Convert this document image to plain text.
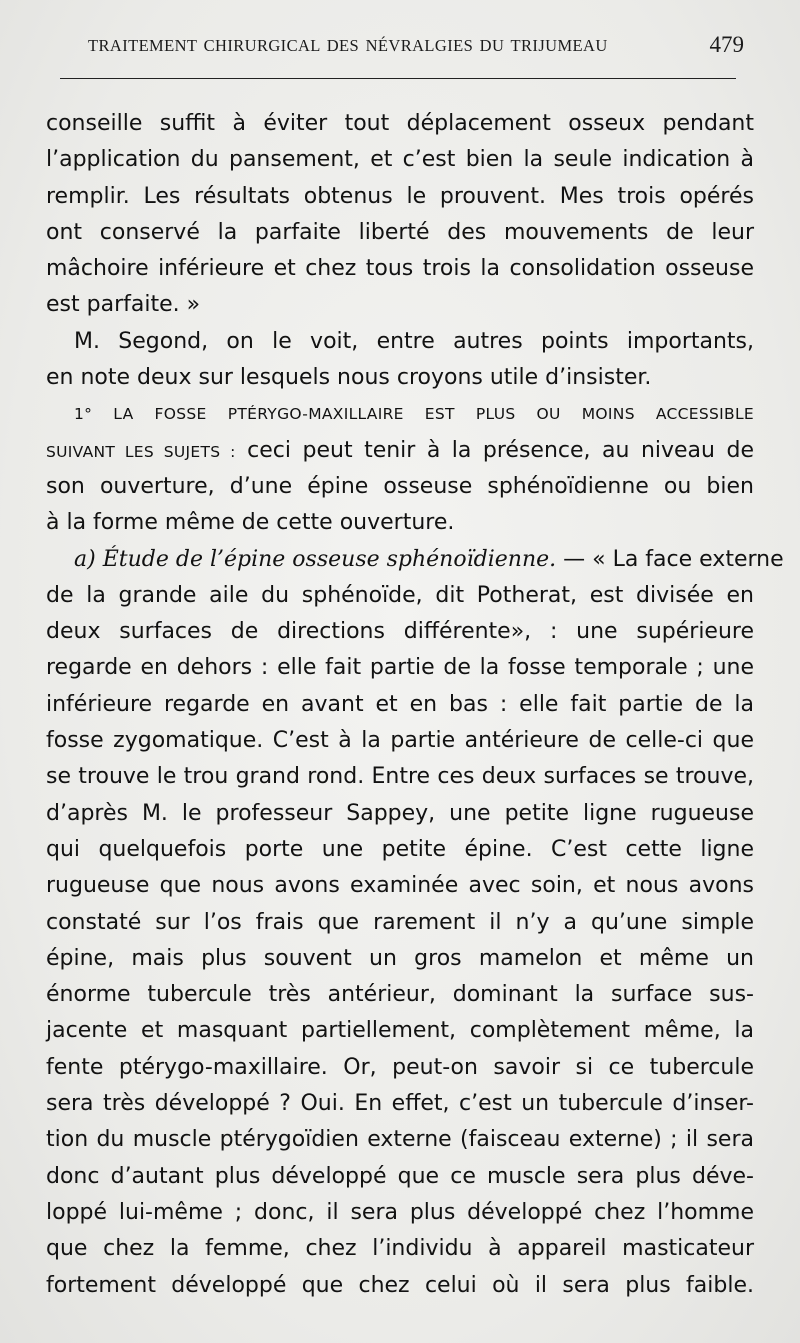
TRAITEMENT CHIRURGICAL DES NÉVRALGIES DU TRIJUMEAU	479
conseille suffit à éviter tout déplacement osseux pendant
l’application du pansement, et c’est bien la seule indication à
remplir. Les résultats obtenus le prouvent. Mes trois opérés
ont conservé la parfaite liberté des mouvements de leur
mâchoire inférieure et chez tous trois la consolidation osseuse
est parfaite. »
M. Segond, on le voit, entre autres points importants,
en note deux sur lesquels nous croyons utile d’insister.
1° LA FOSSE PTÉRYGO-MAXILLAIRE EST PLUS OU MOINS ACCESSIBLE
SUIVANT LES SUJETS : ceci peut tenir à la présence, au niveau de
son ouverture, d’une épine osseuse sphénoïdienne ou bien
à la forme même de cette ouverture.
a) Étude de l’épine osseuse sphénoïdienne. — « La face externe
de la grande aile du sphénoïde, dit Potherat, est divisée en
deux surfaces de directions différente», : une supérieure
regarde en dehors : elle fait partie de la fosse temporale ; une
inférieure regarde en avant et en bas : elle fait partie de la
fosse zygomatique. C’est à la partie antérieure de celle-ci que
se trouve le trou grand rond. Entre ces deux surfaces se trouve,
d’après M. le professeur Sappey, une petite ligne rugueuse
qui quelquefois porte une petite épine. C’est cette ligne
rugueuse que nous avons examinée avec soin, et nous avons
constaté sur l’os frais que rarement il n’y a qu’une simple
épine, mais plus souvent un gros mamelon et même un
énorme tubercule très antérieur, dominant la surface sus-
jacente et masquant partiellement, complètement même, la
fente ptérygo-maxillaire. Or, peut-on savoir si ce tubercule
sera très développé ? Oui. En effet, c’est un tubercule d’inser-
tion du muscle ptérygoïdien externe (faisceau externe) ; il sera
donc d’autant plus développé que ce muscle sera plus déve-
loppé lui-même ; donc, il sera plus développé chez l’homme
que chez la femme, chez l’individu à appareil masticateur
fortement développé que chez celui où il sera plus faible.
